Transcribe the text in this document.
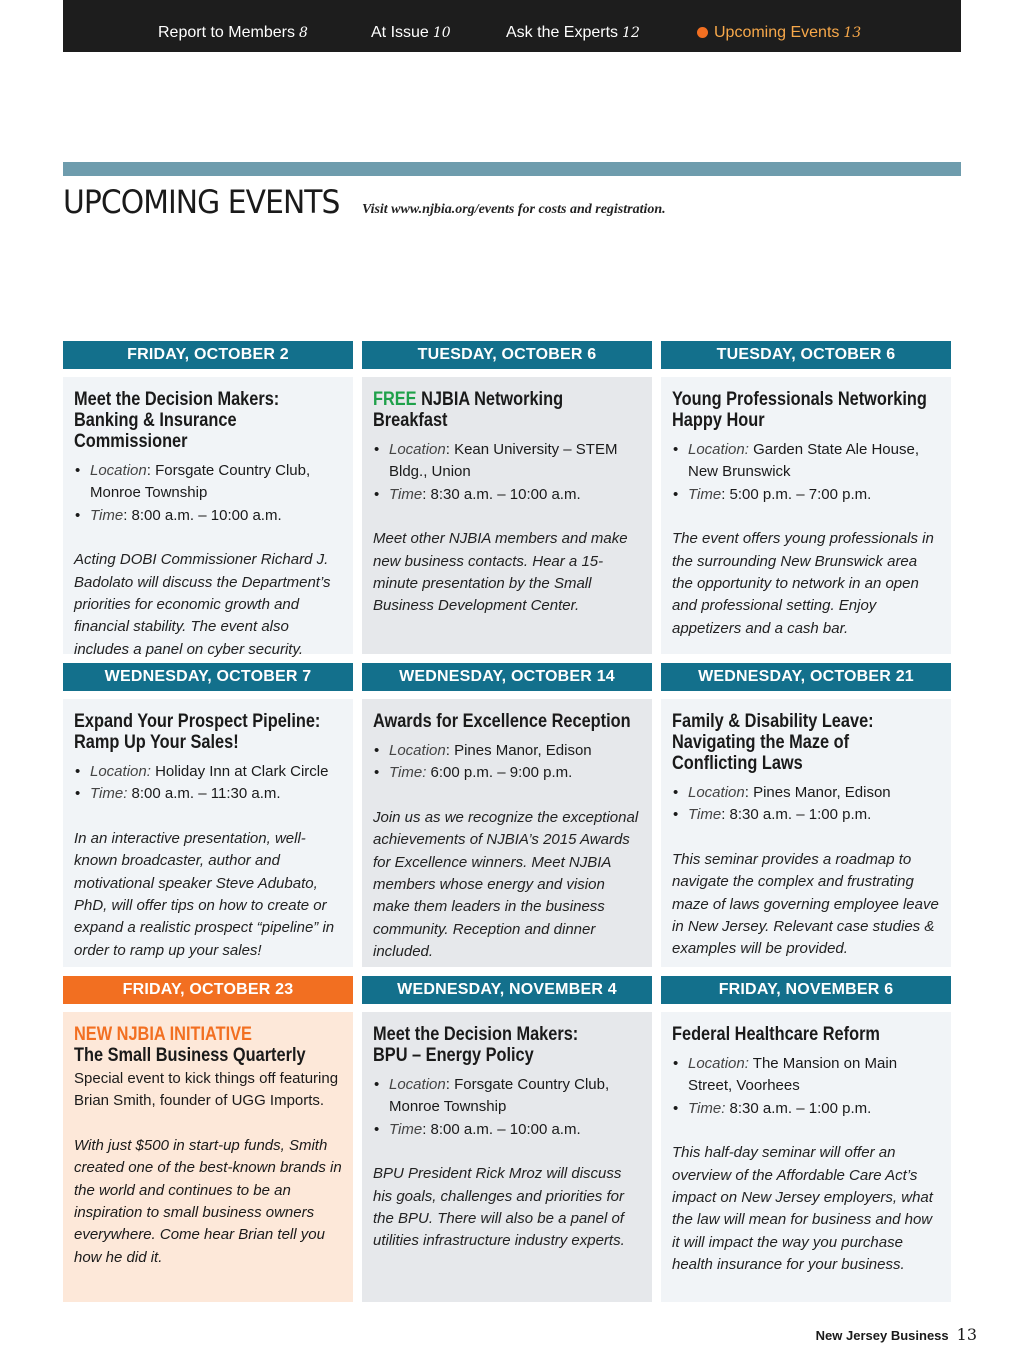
Report to Members 8	At Issue 10	Ask the Experts 12	Upcoming Events 13
UPCOMING EVENTS Visit www.njbia.org/events for costs and registration.
FRIDAY, OCTOBER 2
Meet the Decision Makers:
Banking & Insurance Commissioner
• Location: Forsgate Country Club, Monroe Township
• Time: 8:00 a.m. – 10:00 a.m.
Acting DOBI Commissioner Richard J. Badolato will discuss the Department’s priorities for economic growth and financial stability. The event also includes a panel on cyber security.
TUESDAY, OCTOBER 6
FREE NJBIA Networking Breakfast
• Location: Kean University – STEM Bldg., Union
• Time: 8:30 a.m. – 10:00 a.m.
Meet other NJBIA members and make new business contacts. Hear a 15-minute presentation by the Small Business Development Center.
TUESDAY, OCTOBER 6
Young Professionals Networking
Happy Hour
• Location: Garden State Ale House, New Brunswick
• Time: 5:00 p.m. – 7:00 p.m.
The event offers young professionals in the surrounding New Brunswick area the opportunity to network in an open and professional setting. Enjoy appetizers and a cash bar.
WEDNESDAY, OCTOBER 7
Expand Your Prospect Pipeline:
Ramp Up Your Sales!
• Location: Holiday Inn at Clark Circle
• Time: 8:00 a.m. – 11:30 a.m.
In an interactive presentation, well-known broadcaster, author and motivational speaker Steve Adubato, PhD, will offer tips on how to create or expand a realistic prospect “pipeline” in order to ramp up your sales!
WEDNESDAY, OCTOBER 14
Awards for Excellence Reception
• Location: Pines Manor, Edison
• Time: 6:00 p.m. – 9:00 p.m.
Join us as we recognize the exceptional achievements of NJBIA’s 2015 Awards for Excellence winners. Meet NJBIA members whose energy and vision make them leaders in the business community. Reception and dinner included.
WEDNESDAY, OCTOBER 21
Family & Disability Leave:
Navigating the Maze of
Conflicting Laws
• Location: Pines Manor, Edison
• Time: 8:30 a.m. – 1:00 p.m.
This seminar provides a roadmap to navigate the complex and frustrating maze of laws governing employee leave in New Jersey. Relevant case studies & examples will be provided.
FRIDAY, OCTOBER 23
NEW NJBIA INITIATIVE
The Small Business Quarterly
Special event to kick things off featuring Brian Smith, founder of UGG Imports.
With just $500 in start-up funds, Smith created one of the best-known brands in the world and continues to be an inspiration to small business owners everywhere. Come hear Brian tell you how he did it.
WEDNESDAY, NOVEMBER 4
Meet the Decision Makers:
BPU – Energy Policy
• Location: Forsgate Country Club, Monroe Township
• Time: 8:00 a.m. – 10:00 a.m.
BPU President Rick Mroz will discuss his goals, challenges and priorities for the BPU. There will also be a panel of utilities infrastructure industry experts.
FRIDAY, NOVEMBER 6
Federal Healthcare Reform
• Location: The Mansion on Main Street, Voorhees
• Time: 8:30 a.m. – 1:00 p.m.
This half-day seminar will offer an overview of the Affordable Care Act’s impact on New Jersey employers, what the law will mean for business and how it will impact the way you purchase health insurance for your business.
New Jersey Business 13
